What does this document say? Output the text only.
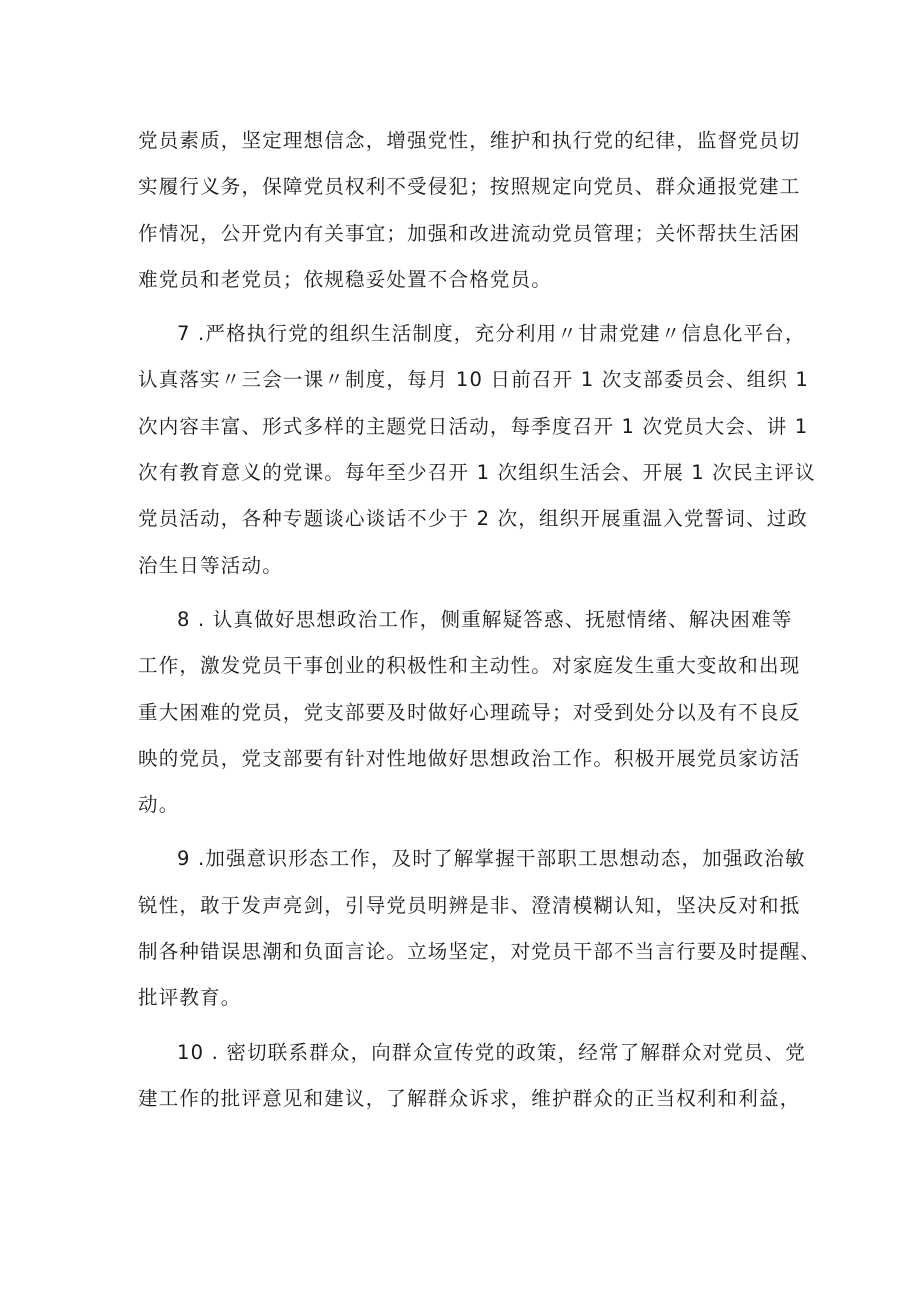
党员素质，坚定理想信念，增强党性，维护和执行党的纪律，监督党员切
实履行义务，保障党员权利不受侵犯；按照规定向党员、群众通报党建工
作情况，公开党内有关事宜；加强和改进流动党员管理；关怀帮扶生活困
难党员和老党员；依规稳妥处置不合格党员。
7 .严格执行党的组织生活制度，充分利用〃甘肃党建〃信息化平台，
认真落实〃三会一课〃制度，每月 10 日前召开 1 次支部委员会、组织 1
次内容丰富、形式多样的主题党日活动，每季度召开 1 次党员大会、讲 1
次有教育意义的党课。每年至少召开 1 次组织生活会、开展 1 次民主评议
党员活动，各种专题谈心谈话不少于 2 次，组织开展重温入党誓词、过政
治生日等活动。
8 . 认真做好思想政治工作，侧重解疑答惑、抚慰情绪、解决困难等
工作，激发党员干事创业的积极性和主动性。对家庭发生重大变故和出现
重大困难的党员，党支部要及时做好心理疏导；对受到处分以及有不良反
映的党员，党支部要有针对性地做好思想政治工作。积极开展党员家访活
动。
9 .加强意识形态工作，及时了解掌握干部职工思想动态，加强政治敏
锐性，敢于发声亮剑，引导党员明辨是非、澄清模糊认知，坚决反对和抵
制各种错误思潮和负面言论。立场坚定，对党员干部不当言行要及时提醒、
批评教育。
10 . 密切联系群众，向群众宣传党的政策，经常了解群众对党员、党
建工作的批评意见和建议，了解群众诉求，维护群众的正当权利和利益，
